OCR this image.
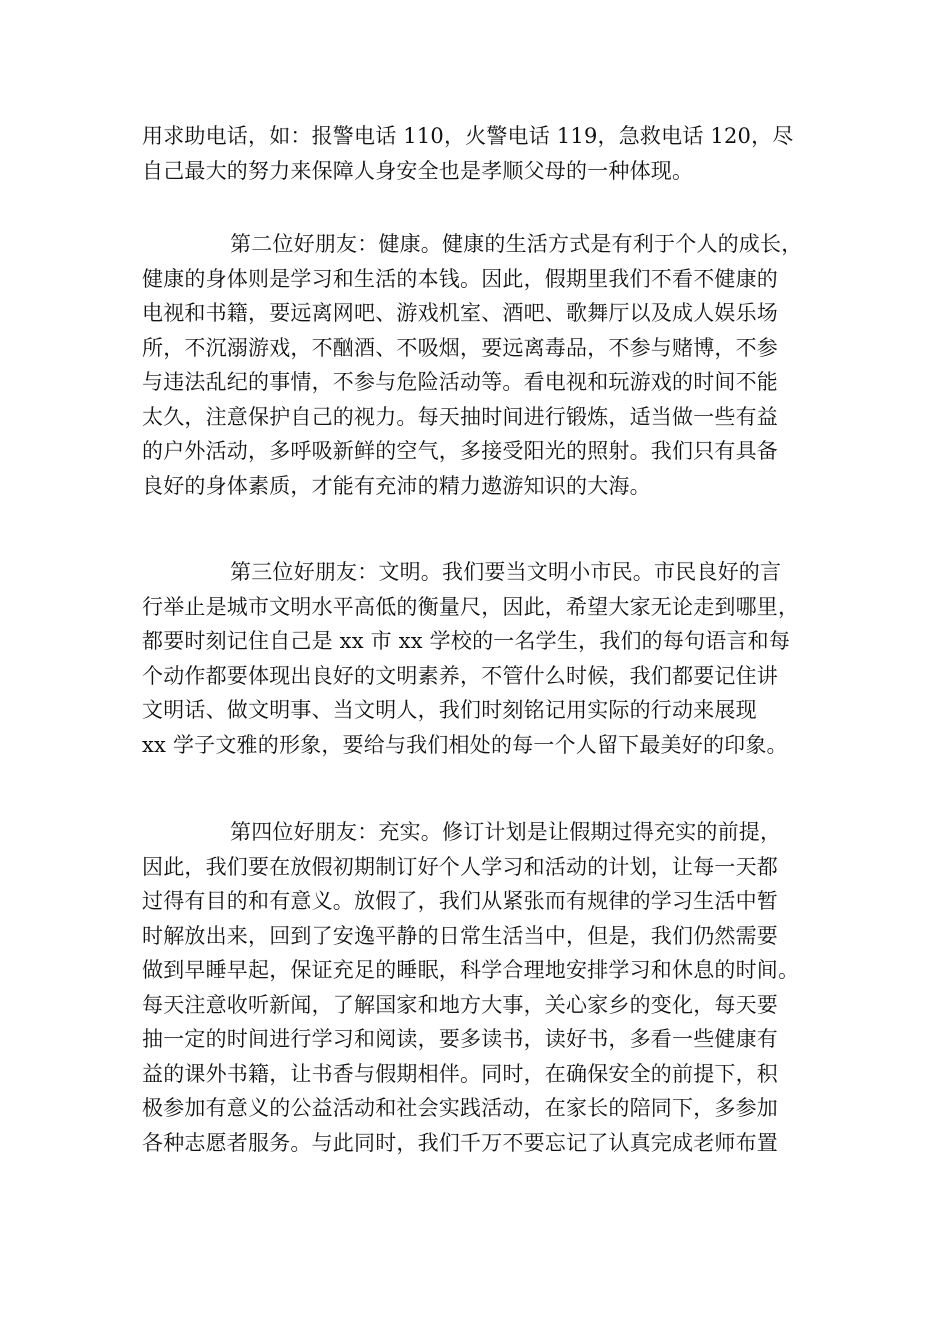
用求助电话，如：报警电话 110，火警电话 119，急救电话 120，尽
自己最大的努力来保障人身安全也是孝顺父母的一种体现。
第二位好朋友：健康。健康的生活方式是有利于个人的成长，
健康的身体则是学习和生活的本钱。因此，假期里我们不看不健康的
电视和书籍，要远离网吧、游戏机室、酒吧、歌舞厅以及成人娱乐场
所，不沉溺游戏，不酗酒、不吸烟，要远离毒品，不参与赌博，不参
与违法乱纪的事情，不参与危险活动等。看电视和玩游戏的时间不能
太久，注意保护自己的视力。每天抽时间进行锻炼，适当做一些有益
的户外活动，多呼吸新鲜的空气，多接受阳光的照射。我们只有具备
良好的身体素质，才能有充沛的精力遨游知识的大海。
第三位好朋友：文明。我们要当文明小市民。市民良好的言
行举止是城市文明水平高低的衡量尺，因此，希望大家无论走到哪里，
都要时刻记住自己是 xx 市 xx 学校的一名学生，我们的每句语言和每
个动作都要体现出良好的文明素养，不管什么时候，我们都要记住讲
文明话、做文明事、当文明人，我们时刻铭记用实际的行动来展现
xx 学子文雅的形象，要给与我们相处的每一个人留下最美好的印象。
第四位好朋友：充实。修订计划是让假期过得充实的前提，
因此，我们要在放假初期制订好个人学习和活动的计划，让每一天都
过得有目的和有意义。放假了，我们从紧张而有规律的学习生活中暂
时解放出来，回到了安逸平静的日常生活当中，但是，我们仍然需要
做到早睡早起，保证充足的睡眠，科学合理地安排学习和休息的时间。
每天注意收听新闻，了解国家和地方大事，关心家乡的变化，每天要
抽一定的时间进行学习和阅读，要多读书，读好书，多看一些健康有
益的课外书籍，让书香与假期相伴。同时，在确保安全的前提下，积
极参加有意义的公益活动和社会实践活动，在家长的陪同下，多参加
各种志愿者服务。与此同时，我们千万不要忘记了认真完成老师布置
